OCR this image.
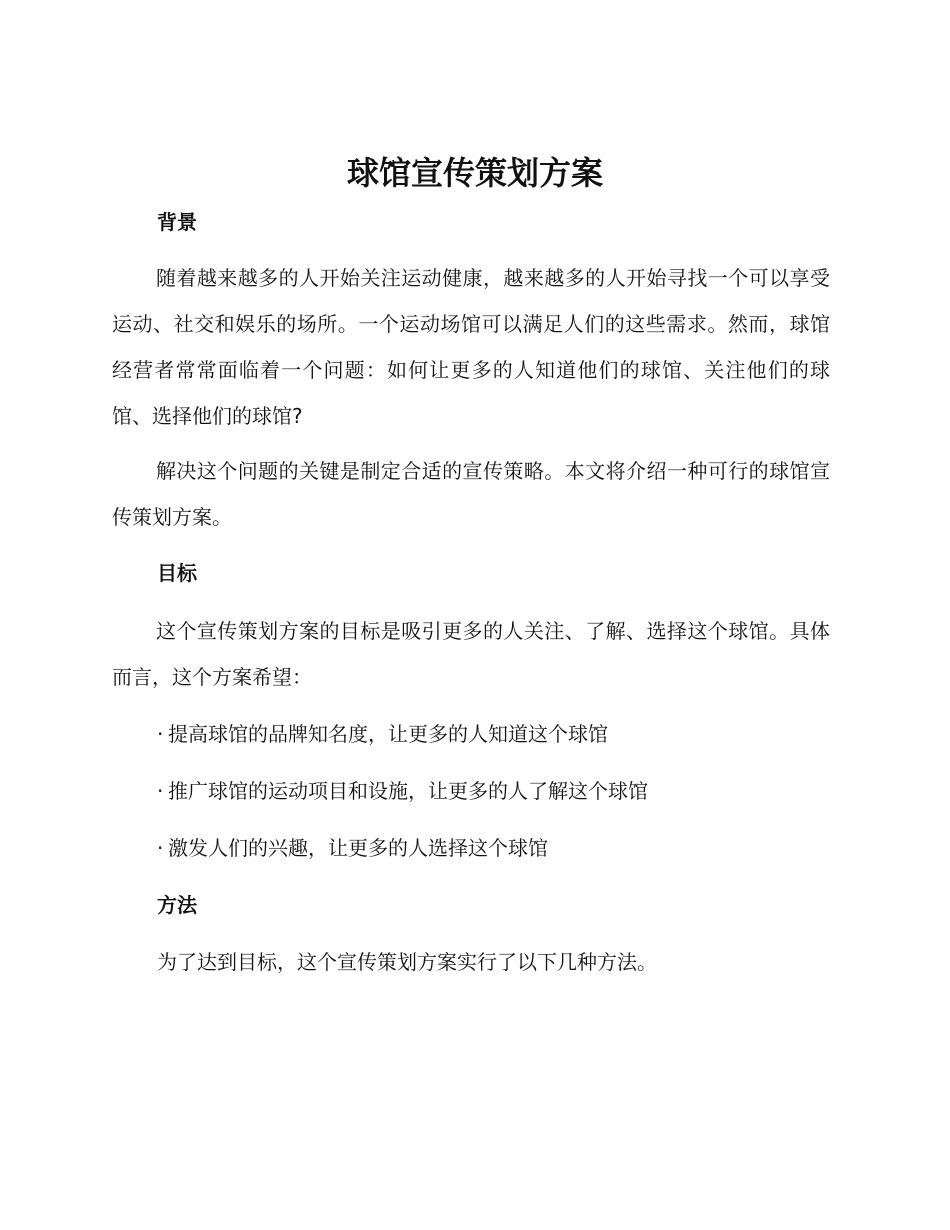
球馆宣传策划方案
背景

随着越来越多的人开始关注运动健康，越来越多的人开始寻找一个可以享受运动、社交和娱乐的场所。一个运动场馆可以满足人们的这些需求。然而，球馆经营者常常面临着一个问题：如何让更多的人知道他们的球馆、关注他们的球馆、选择他们的球馆?

解决这个问题的关键是制定合适的宣传策略。本文将介绍一种可行的球馆宣传策划方案。

目标

这个宣传策划方案的目标是吸引更多的人关注、了解、选择这个球馆。具体而言，这个方案希望：

· 提高球馆的品牌知名度，让更多的人知道这个球馆
· 推广球馆的运动项目和设施，让更多的人了解这个球馆
· 激发人们的兴趣，让更多的人选择这个球馆
方法

为了达到目标，这个宣传策划方案实行了以下几种方法。
